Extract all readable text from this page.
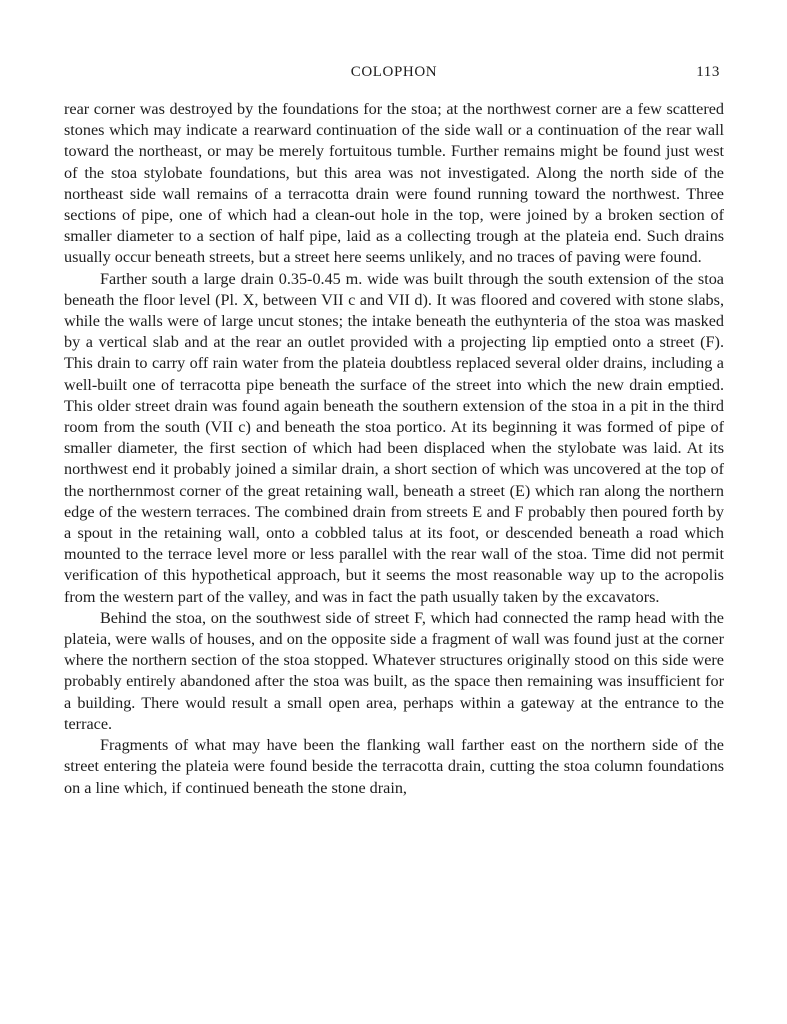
COLOPHON	113

rear corner was destroyed by the foundations for the stoa; at the northwest corner are a few scattered stones which may indicate a rearward continuation of the side wall or a continuation of the rear wall toward the northeast, or may be merely fortuitous tumble. Further remains might be found just west of the stoa stylobate foundations, but this area was not investigated. Along the north side of the northeast side wall remains of a terracotta drain were found running toward the northwest. Three sections of pipe, one of which had a clean-out hole in the top, were joined by a broken section of smaller diameter to a section of half pipe, laid as a collecting trough at the plateia end. Such drains usually occur beneath streets, but a street here seems unlikely, and no traces of paving were found.

Farther south a large drain 0.35-0.45 m. wide was built through the south extension of the stoa beneath the floor level (Pl. X, between VII c and VII d). It was floored and covered with stone slabs, while the walls were of large uncut stones; the intake beneath the euthynteria of the stoa was masked by a vertical slab and at the rear an outlet provided with a projecting lip emptied onto a street (F). This drain to carry off rain water from the plateia doubtless replaced several older drains, including a well-built one of terracotta pipe beneath the surface of the street into which the new drain emptied. This older street drain was found again beneath the southern extension of the stoa in a pit in the third room from the south (VII c) and beneath the stoa portico. At its beginning it was formed of pipe of smaller diameter, the first section of which had been displaced when the stylobate was laid. At its northwest end it probably joined a similar drain, a short section of which was uncovered at the top of the northernmost corner of the great retaining wall, beneath a street (E) which ran along the northern edge of the western terraces. The combined drain from streets E and F probably then poured forth by a spout in the retaining wall, onto a cobbled talus at its foot, or descended beneath a road which mounted to the terrace level more or less parallel with the rear wall of the stoa. Time did not permit verification of this hypothetical approach, but it seems the most reasonable way up to the acropolis from the western part of the valley, and was in fact the path usually taken by the excavators.

Behind the stoa, on the southwest side of street F, which had connected the ramp head with the plateia, were walls of houses, and on the opposite side a fragment of wall was found just at the corner where the northern section of the stoa stopped. Whatever structures originally stood on this side were probably entirely abandoned after the stoa was built, as the space then remaining was insufficient for a building. There would result a small open area, perhaps within a gateway at the entrance to the terrace.

Fragments of what may have been the flanking wall farther east on the northern side of the street entering the plateia were found beside the terracotta drain, cutting the stoa column foundations on a line which, if continued beneath the stone drain,
